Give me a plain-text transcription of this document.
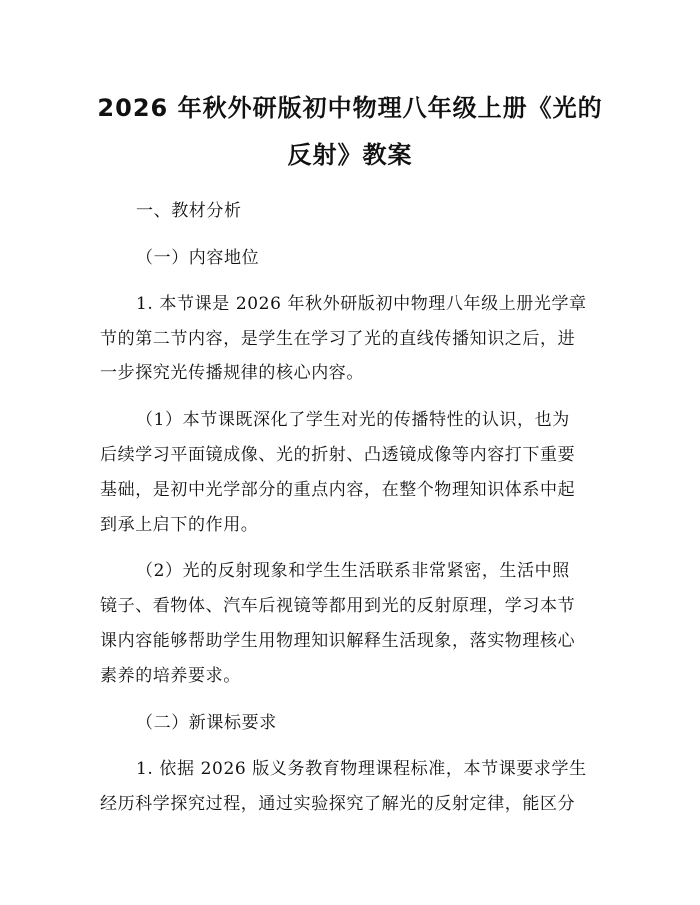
2026 年秋外研版初中物理八年级上册《光的
反射》教案
一、教材分析
（一）内容地位
1. 本节课是 2026 年秋外研版初中物理八年级上册光学章
节的第二节内容，是学生在学习了光的直线传播知识之后，进
一步探究光传播规律的核心内容。
（1）本节课既深化了学生对光的传播特性的认识，也为
后续学习平面镜成像、光的折射、凸透镜成像等内容打下重要
基础，是初中光学部分的重点内容，在整个物理知识体系中起
到承上启下的作用。
（2）光的反射现象和学生生活联系非常紧密，生活中照
镜子、看物体、汽车后视镜等都用到光的反射原理，学习本节
课内容能够帮助学生用物理知识解释生活现象，落实物理核心
素养的培养要求。
（二）新课标要求
1. 依据 2026 版义务教育物理课程标准，本节课要求学生
经历科学探究过程，通过实验探究了解光的反射定律，能区分
